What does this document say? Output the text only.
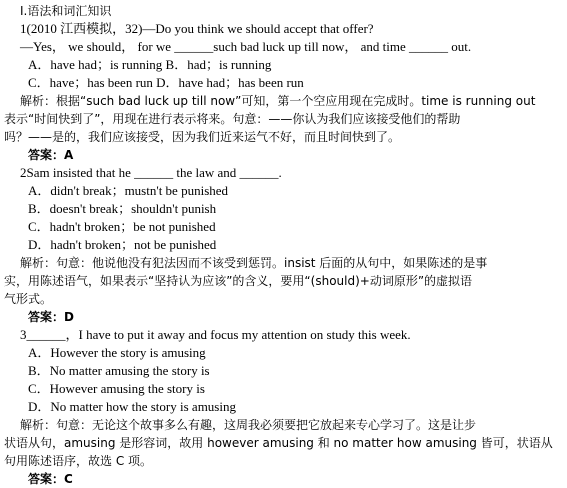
Ⅰ.语法和词汇知识
1(2010 江西模拟，32)—Do you think we should accept that offer?
—Yes， we should， for we ______such bad luck up till now， and time ______ out.
A．have had；is running B．had；is running
C．have；has been run D．have had；has been run
解析：根据“such bad luck up till now”可知，第一个空应用现在完成时。time is running out
表示“时间快到了”，用现在进行表示将来。句意：——你认为我们应该接受他们的帮助
吗？——是的，我们应该接受，因为我们近来运气不好，而且时间快到了。
答案：A
2Sam insisted that he ______ the law and ______.
A．didn't break；mustn't be punished
B．doesn't break；shouldn't punish
C．hadn't broken；be not punished
D．hadn't broken；not be punished
解析：句意：他说他没有犯法因而不该受到惩罚。insist 后面的从句中，如果陈述的是事
实，用陈述语气，如果表示“坚持认为应该”的含义，要用“(should)+动词原形”的虚拟语
气形式。
答案：D
3______，I have to put it away and focus my attention on study this week.
A．However the story is amusing
B．No matter amusing the story is
C．However amusing the story is
D．No matter how the story is amusing
解析：句意：无论这个故事多么有趣，这周我必须要把它放起来专心学习了。这是让步
状语从句，amusing 是形容词，故用 however amusing 和 no matter how amusing 皆可，状语从
句用陈述语序，故选 C 项。
答案：C
